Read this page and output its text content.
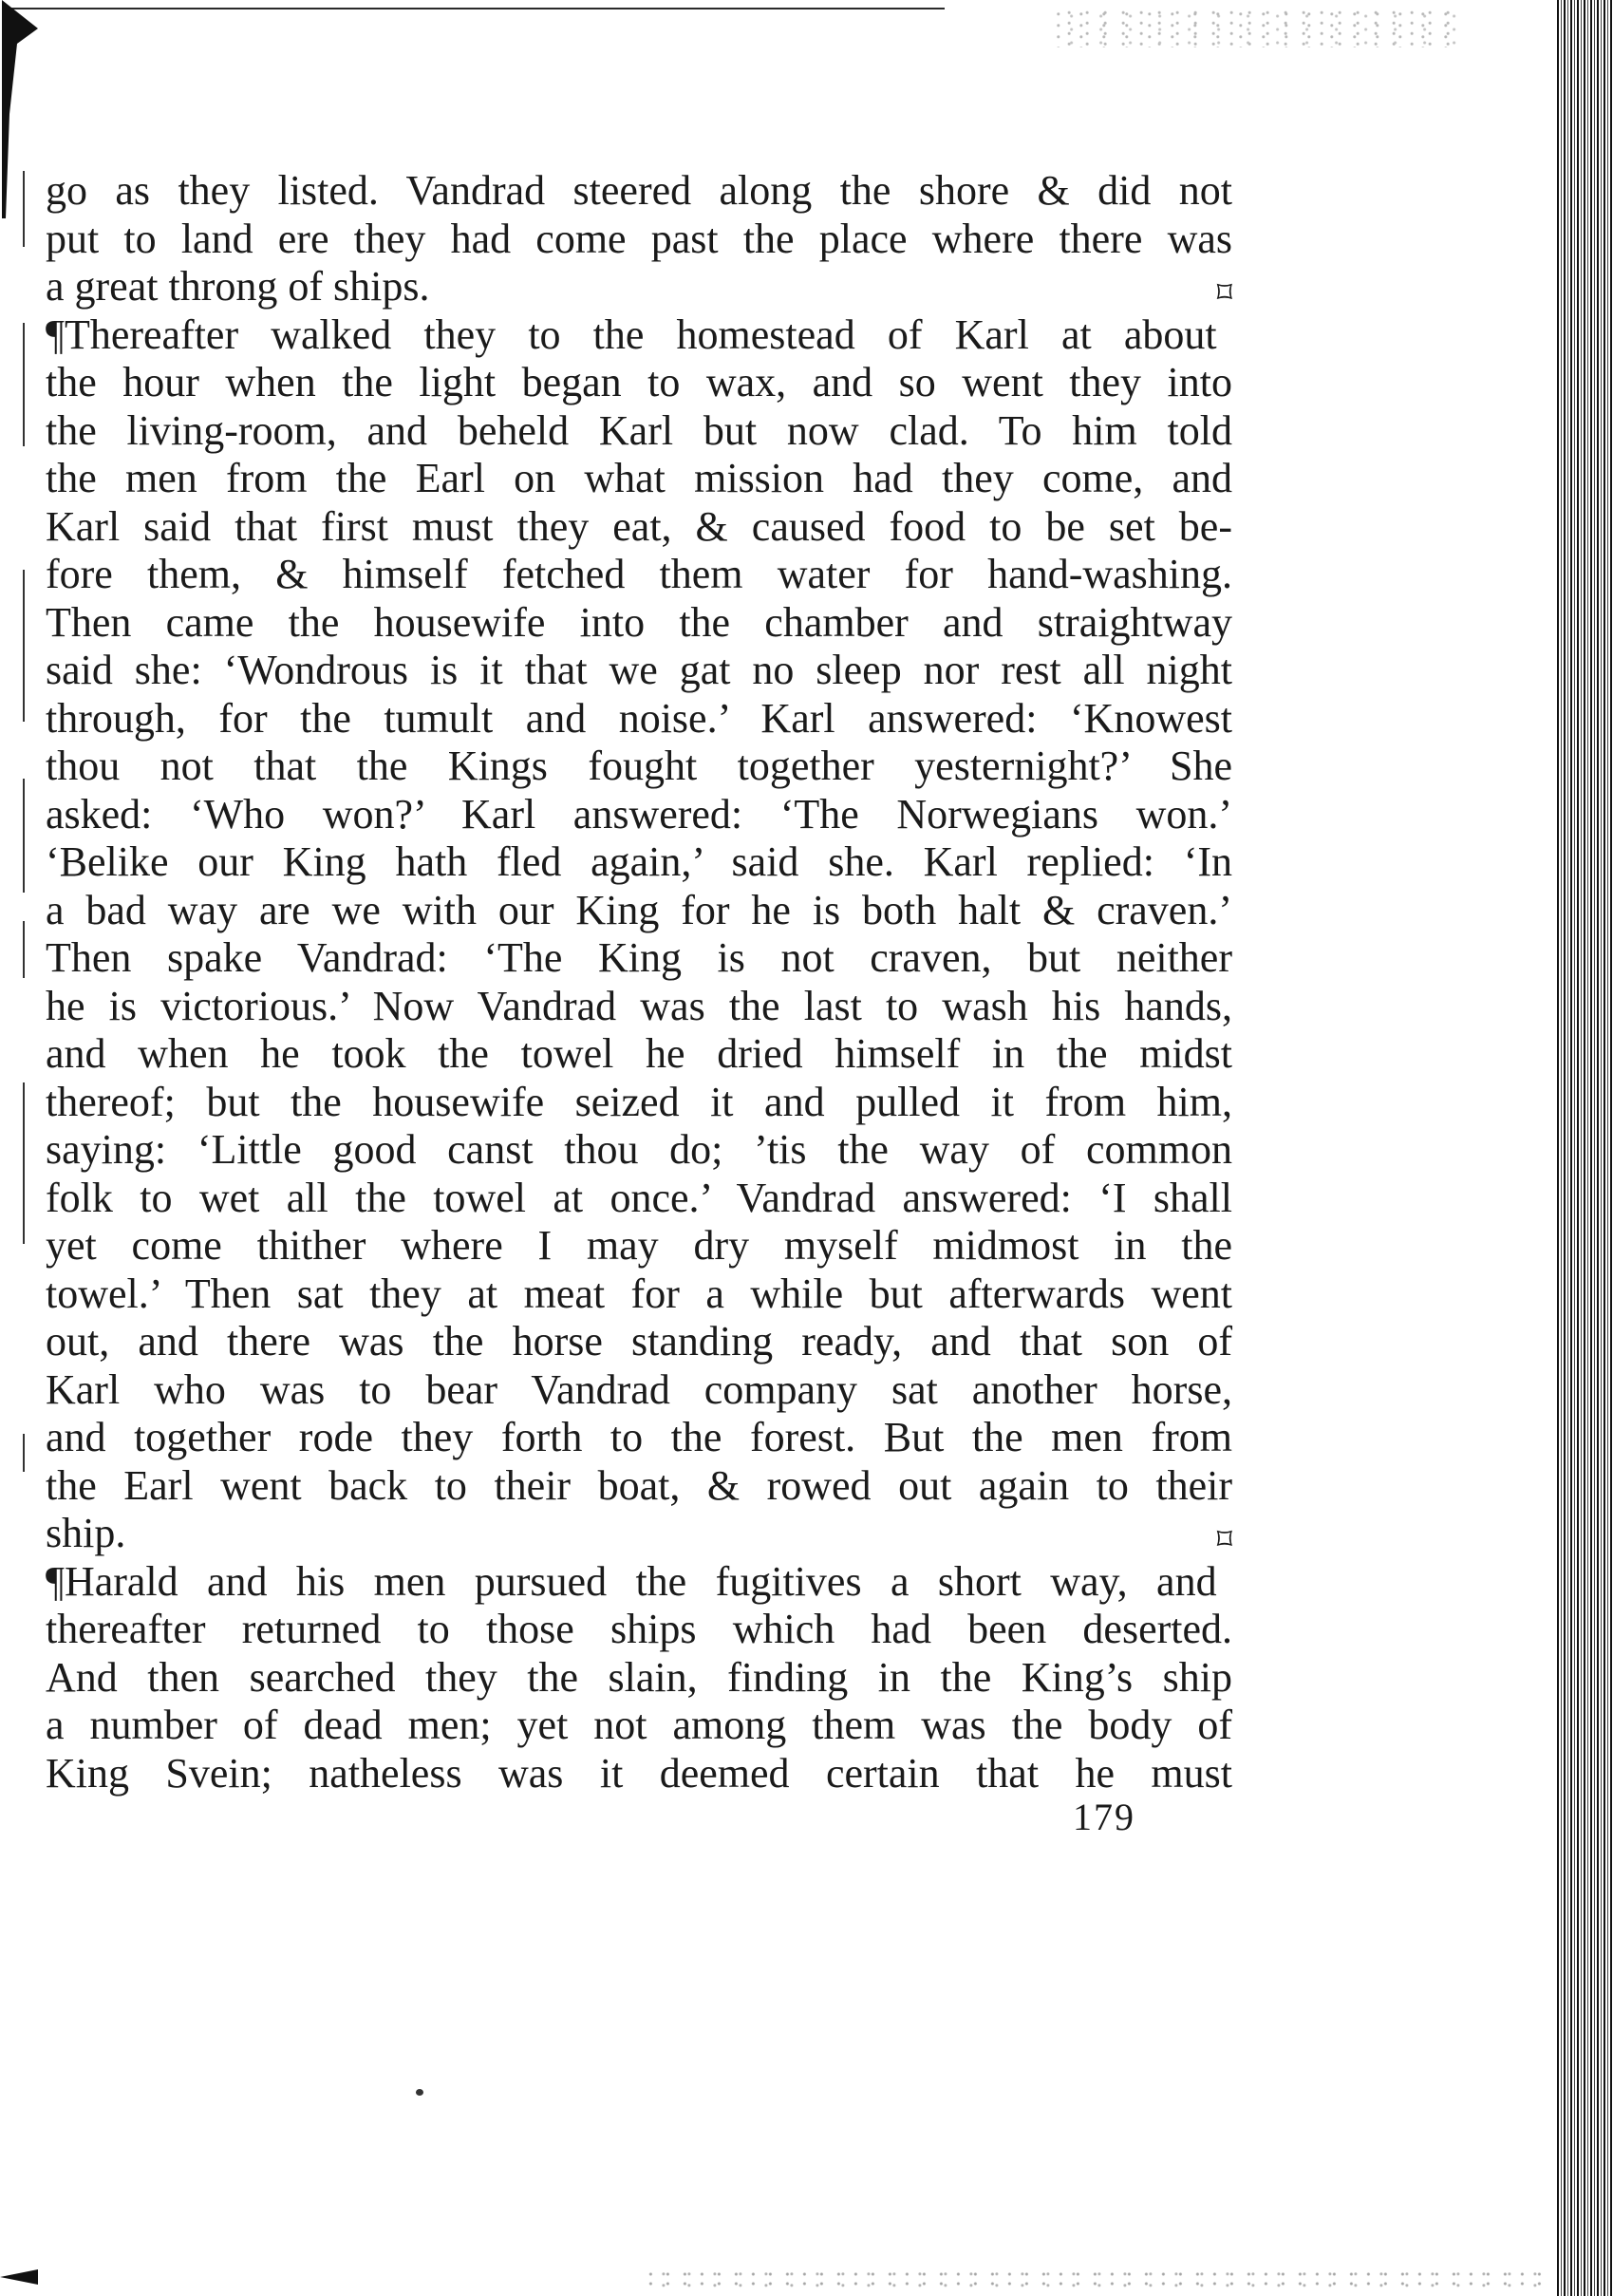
go as they listed. Vandrad steered along the shore & did not
put to land ere they had come past the place where there was
a great throng of ships.	⌑
¶Thereafter walked they to the homestead of Karl at about
the hour when the light began to wax, and so went they into
the living-room, and beheld Karl but now clad. To him told
the men from the Earl on what mission had they come, and
Karl said that first must they eat, & caused food to be set be-
fore them, & himself fetched them water for hand-washing.
Then came the housewife into the chamber and straightway
said she: ‘Wondrous is it that we gat no sleep nor rest all night
through, for the tumult and noise.’ Karl answered: ‘Knowest
thou not that the Kings fought together yesternight?’ She
asked: ‘Who won?’ Karl answered: ‘The Norwegians won.’
‘Belike our King hath fled again,’ said she. Karl replied: ‘In
a bad way are we with our King for he is both halt & craven.’
Then spake Vandrad: ‘The King is not craven, but neither
he is victorious.’ Now Vandrad was the last to wash his hands,
and when he took the towel he dried himself in the midst
thereof; but the housewife seized it and pulled it from him,
saying: ‘Little good canst thou do; ’tis the way of common
folk to wet all the towel at once.’ Vandrad answered: ‘I shall
yet come thither where I may dry myself midmost in the
towel.’ Then sat they at meat for a while but afterwards went
out, and there was the horse standing ready, and that son of
Karl who was to bear Vandrad company sat another horse,
and together rode they forth to the forest. But the men from
the Earl went back to their boat, & rowed out again to their
ship.	⌑
¶Harald and his men pursued the fugitives a short way, and
thereafter returned to those ships which had been deserted.
And then searched they the slain, finding in the King’s ship
a number of dead men; yet not among them was the body of
King Svein; natheless was it deemed certain that he must
179
